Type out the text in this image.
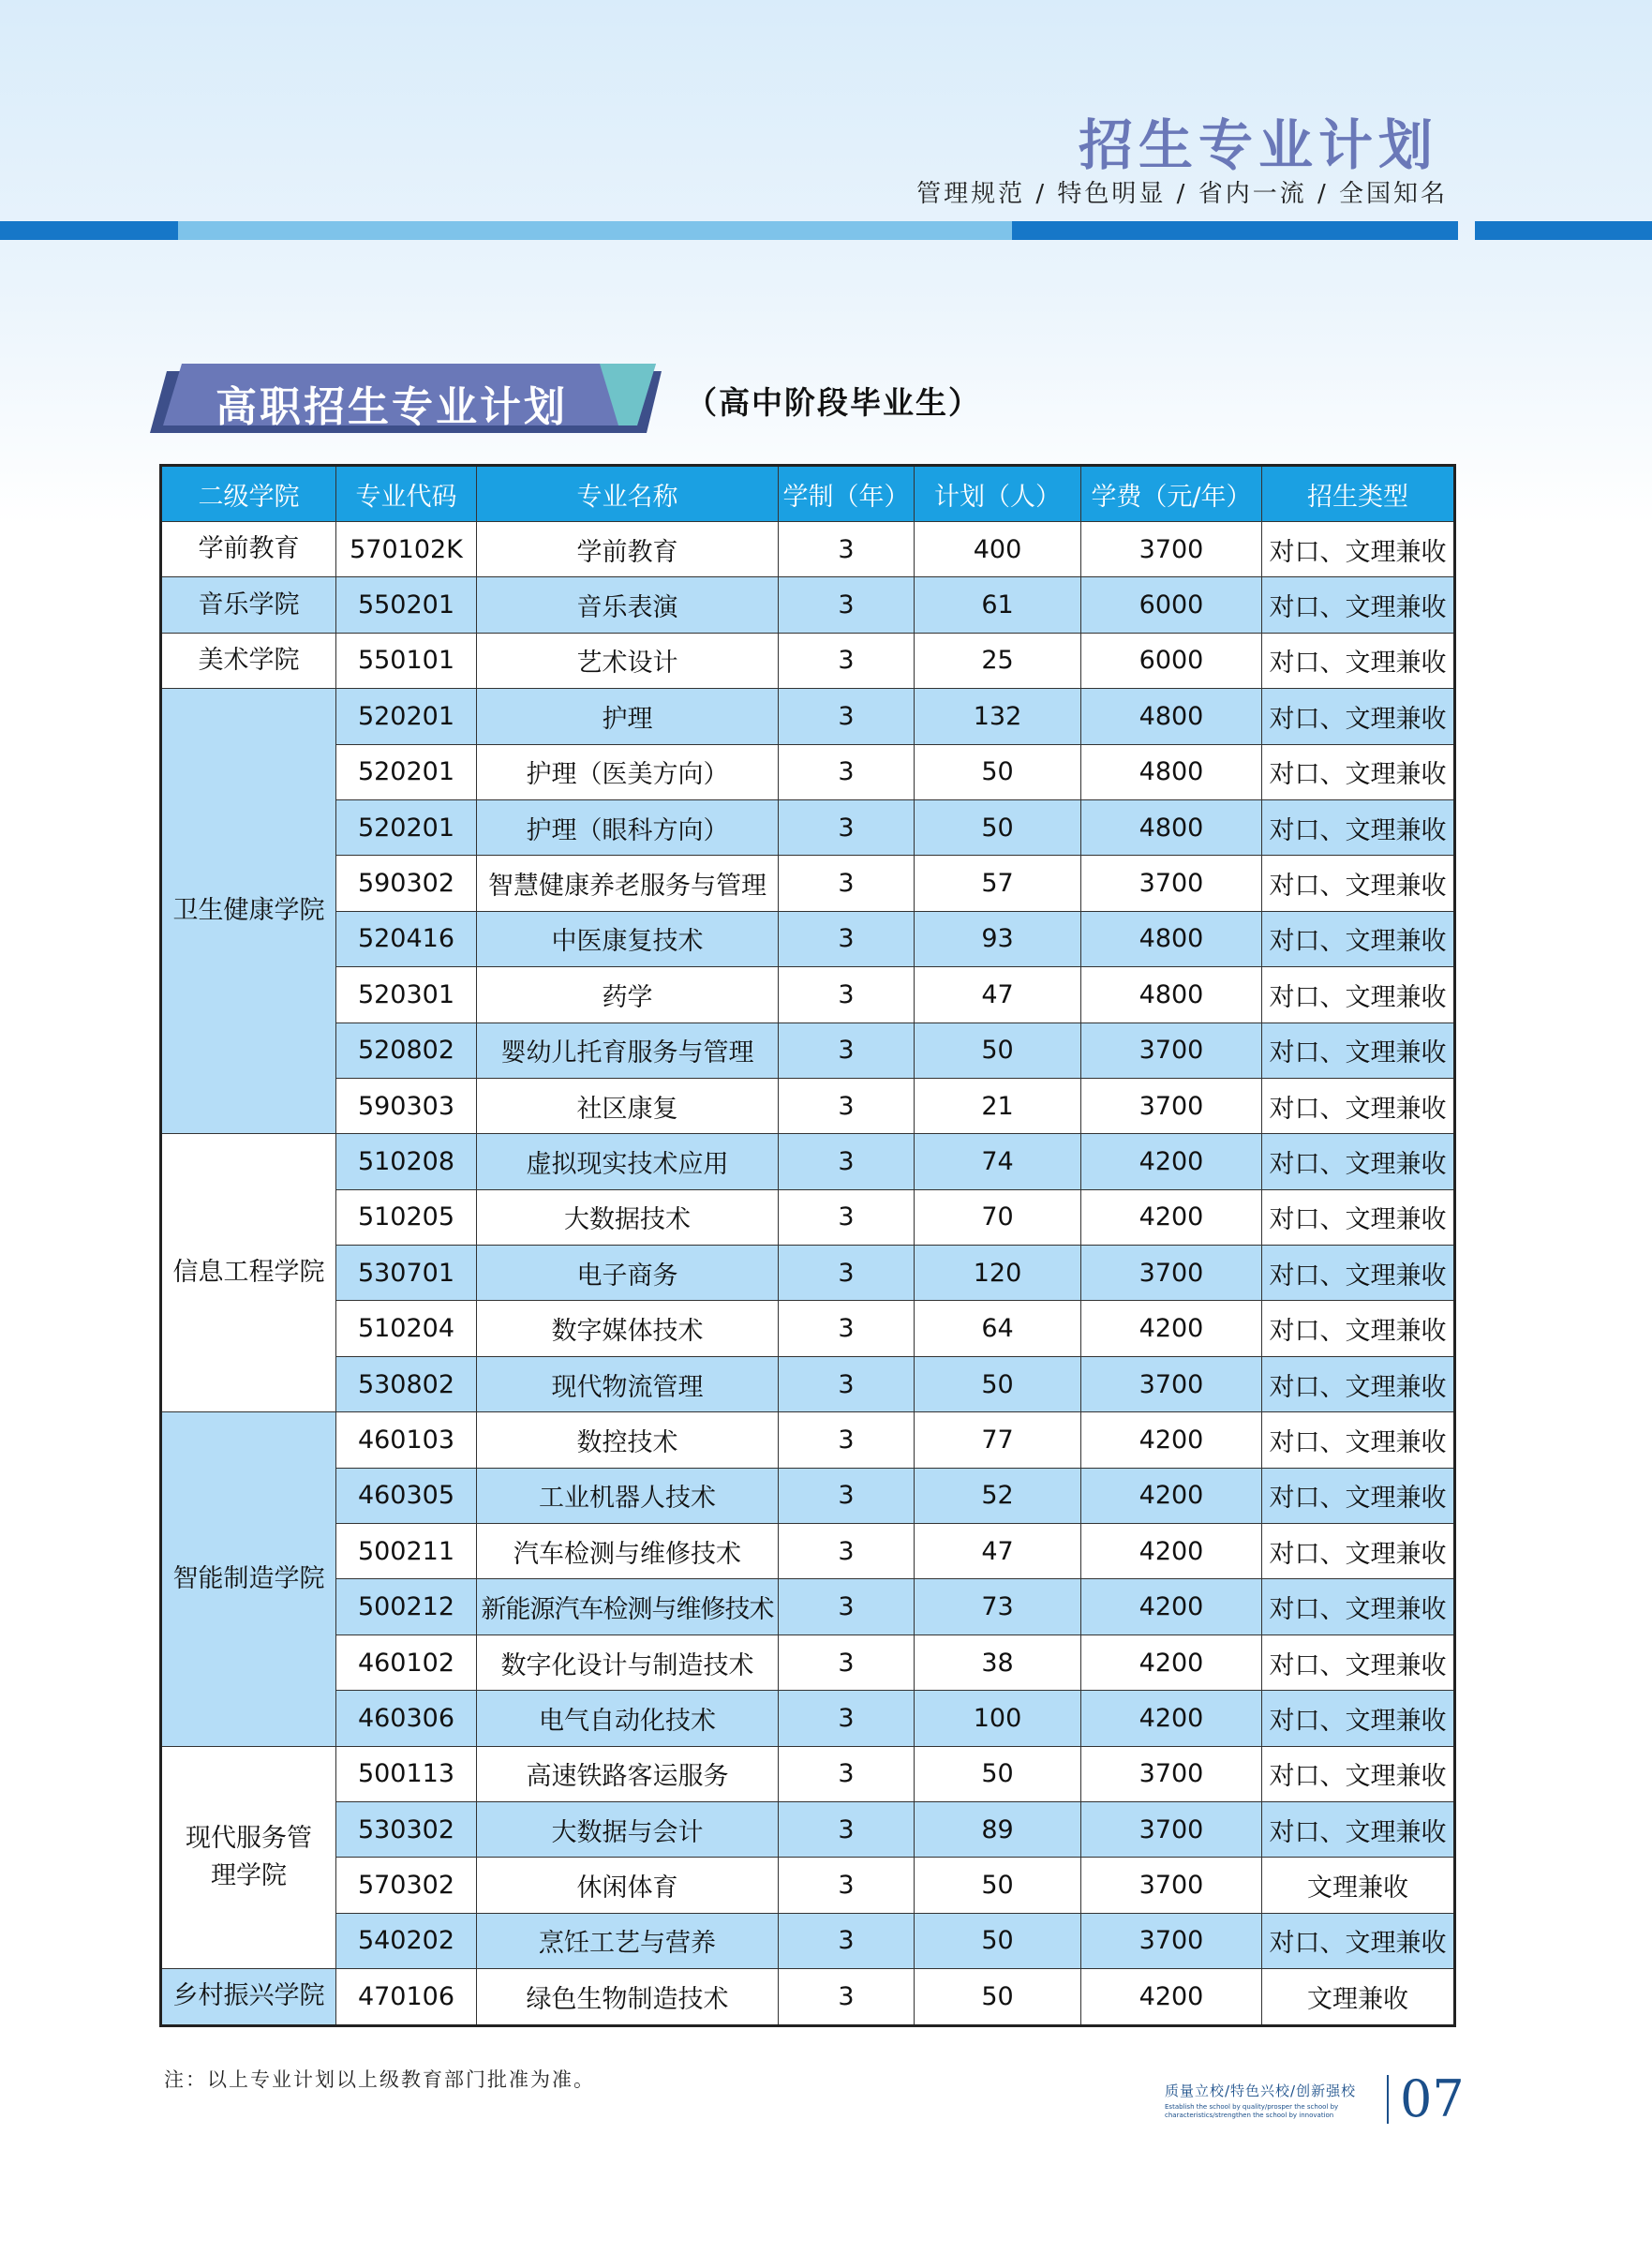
招生专业计划
管理规范 / 特色明显 / 省内一流 / 全国知名
高职招生专业计划	（高中阶段毕业生）
二级学院	专业代码	专业名称	学制（年）	计划（人）	学费（元/年）	招生类型
学前教育	570102K	学前教育	3	400	3700	对口、文理兼收
音乐学院	550201	音乐表演	3	61	6000	对口、文理兼收
美术学院	550101	艺术设计	3	25	6000	对口、文理兼收
卫生健康学院	520201	护理	3	132	4800	对口、文理兼收
	520201	护理（医美方向）	3	50	4800	对口、文理兼收
	520201	护理（眼科方向）	3	50	4800	对口、文理兼收
	590302	智慧健康养老服务与管理	3	57	3700	对口、文理兼收
	520416	中医康复技术	3	93	4800	对口、文理兼收
	520301	药学	3	47	4800	对口、文理兼收
	520802	婴幼儿托育服务与管理	3	50	3700	对口、文理兼收
	590303	社区康复	3	21	3700	对口、文理兼收
信息工程学院	510208	虚拟现实技术应用	3	74	4200	对口、文理兼收
	510205	大数据技术	3	70	4200	对口、文理兼收
	530701	电子商务	3	120	3700	对口、文理兼收
	510204	数字媒体技术	3	64	4200	对口、文理兼收
	530802	现代物流管理	3	50	3700	对口、文理兼收
智能制造学院	460103	数控技术	3	77	4200	对口、文理兼收
	460305	工业机器人技术	3	52	4200	对口、文理兼收
	500211	汽车检测与维修技术	3	47	4200	对口、文理兼收
	500212	新能源汽车检测与维修技术	3	73	4200	对口、文理兼收
	460102	数字化设计与制造技术	3	38	4200	对口、文理兼收
	460306	电气自动化技术	3	100	4200	对口、文理兼收
现代服务管理学院	500113	高速铁路客运服务	3	50	3700	对口、文理兼收
	530302	大数据与会计	3	89	3700	对口、文理兼收
	570302	休闲体育	3	50	3700	文理兼收
	540202	烹饪工艺与营养	3	50	3700	对口、文理兼收
乡村振兴学院	470106	绿色生物制造技术	3	50	4200	文理兼收
注：以上专业计划以上级教育部门批准为准。	质量立校/特色兴校/创新强校
Establish the school by quality/prosper the school by characteristics/strengthen the school by innovation	07
